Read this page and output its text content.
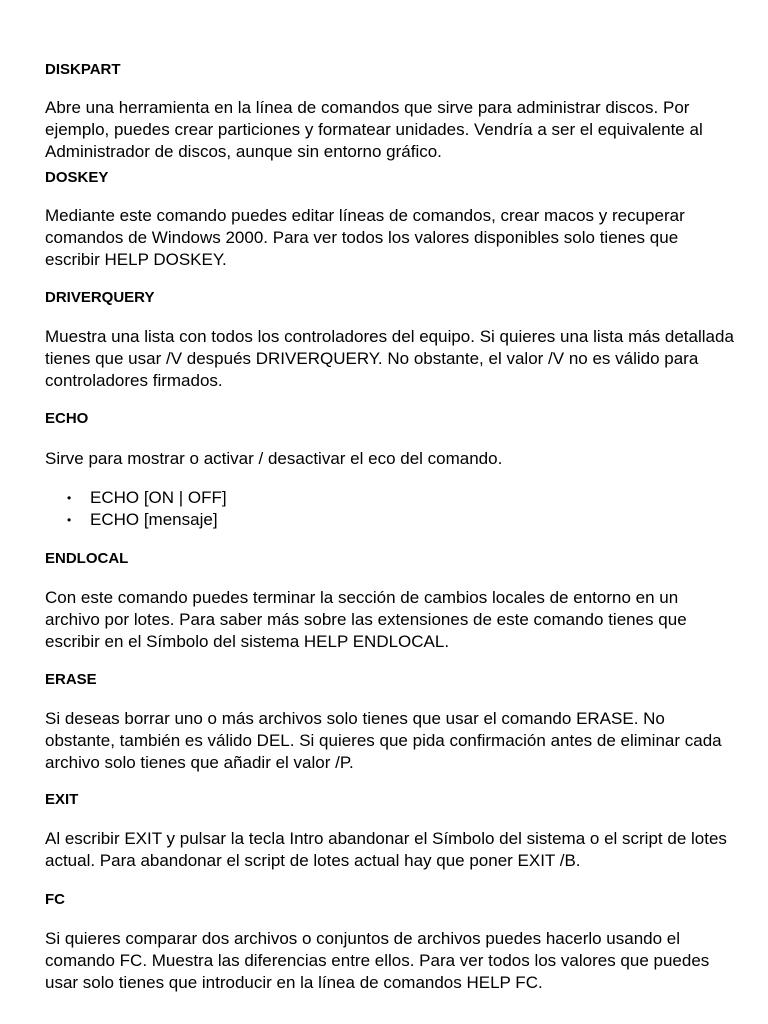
DISKPART

Abre una herramienta en la línea de comandos que sirve para administrar discos. Por ejemplo, puedes crear particiones y formatear unidades. Vendría a ser el equivalente al Administrador de discos, aunque sin entorno gráfico.

DOSKEY

Mediante este comando puedes editar líneas de comandos, crear macos y recuperar comandos de Windows 2000. Para ver todos los valores disponibles solo tienes que escribir HELP DOSKEY.

DRIVERQUERY

Muestra una lista con todos los controladores del equipo. Si quieres una lista más detallada tienes que usar /V después DRIVERQUERY. No obstante, el valor /V no es válido para controladores firmados.

ECHO

Sirve para mostrar o activar / desactivar el eco del comando.

• ECHO [ON | OFF]
• ECHO [mensaje]
ENDLOCAL

Con este comando puedes terminar la sección de cambios locales de entorno en un archivo por lotes. Para saber más sobre las extensiones de este comando tienes que escribir en el Símbolo del sistema HELP ENDLOCAL.

ERASE

Si deseas borrar uno o más archivos solo tienes que usar el comando ERASE. No obstante, también es válido DEL. Si quieres que pida confirmación antes de eliminar cada archivo solo tienes que añadir el valor /P.

EXIT

Al escribir EXIT y pulsar la tecla Intro abandonar el Símbolo del sistema o el script de lotes actual. Para abandonar el script de lotes actual hay que poner EXIT /B.

FC

Si quieres comparar dos archivos o conjuntos de archivos puedes hacerlo usando el comando FC. Muestra las diferencias entre ellos. Para ver todos los valores que puedes usar solo tienes que introducir en la línea de comandos HELP FC.
